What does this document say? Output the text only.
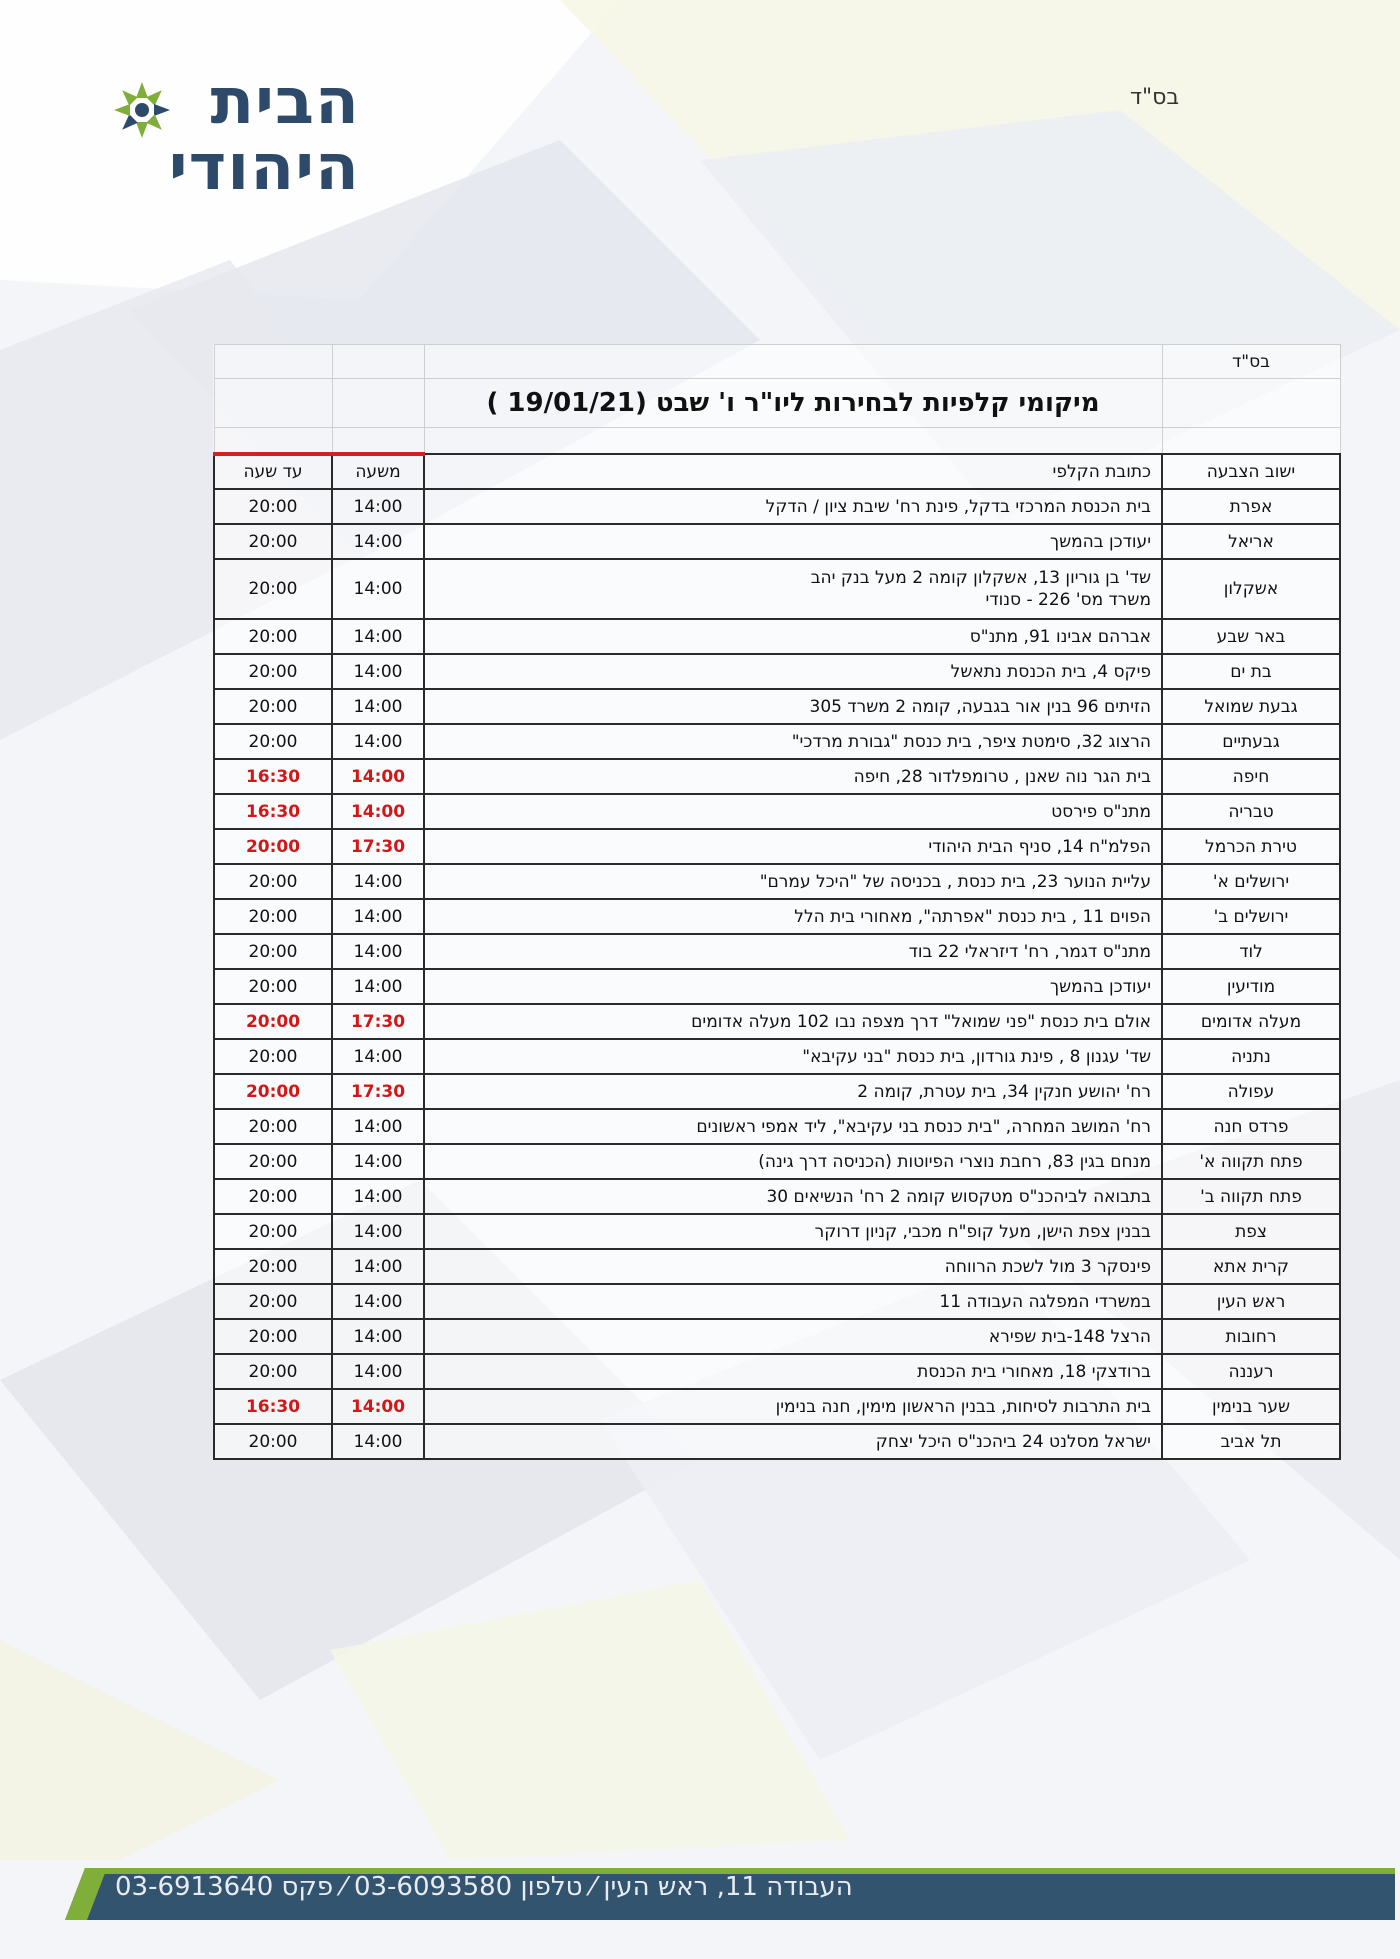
הבית
היהודי
בס"ד
בס"ד			
	מיקומי קלפיות לבחירות ליו"ר ו' שבט (19/01/21 )		

ישוב הצבעה	כתובת הקלפי	משעה	עד שעה
אפרת	בית הכנסת המרכזי בדקל, פינת רח' שיבת ציון / הדקל	14:00	20:00
אריאל	יעודכן בהמשך	14:00	20:00
אשקלון	שד' בן גוריון 13, אשקלון קומה 2 מעל בנק יהב
משרד מס' 226 - סנודי	14:00	20:00
באר שבע	אברהם אבינו 91, מתנ"ס	14:00	20:00
בת ים	פיקס 4, בית הכנסת נתאשל	14:00	20:00
גבעת שמואל	הזיתים 96 בנין אור בגבעה, קומה 2 משרד 305	14:00	20:00
גבעתיים	הרצוג 32, סימטת ציפר, בית כנסת "גבורת מרדכי"	14:00	20:00
חיפה	בית הגר נוה שאנן , טרומפלדור 28, חיפה	14:00	16:30
טבריה	מתנ"ס פירסט	14:00	16:30
טירת הכרמל	הפלמ"ח 14, סניף הבית היהודי	17:30	20:00
ירושלים א'	עליית הנוער 23, בית כנסת , בכניסה של "היכל עמרם"	14:00	20:00
ירושלים ב'	הפוים 11 , בית כנסת "אפרתה", מאחורי בית הלל	14:00	20:00
לוד	מתנ"ס דגמר, רח' דיזראלי 22 בוד	14:00	20:00
מודיעין	יעודכן בהמשך	14:00	20:00
מעלה אדומים	אולם בית כנסת "פני שמואל" דרך מצפה נבו 102 מעלה אדומים	17:30	20:00
נתניה	שד' עגנון 8 , פינת גורדון, בית כנסת "בני עקיבא"	14:00	20:00
עפולה	רח' יהושע חנקין 34, בית עטרת, קומה 2	17:30	20:00
פרדס חנה	רח' המושב המחרה, "בית כנסת בני עקיבא", ליד אמפי ראשונים	14:00	20:00
פתח תקווה א'	מנחם בגין 83, רחבת נוצרי הפיוטות (הכניסה דרך גינה)	14:00	20:00
פתח תקווה ב'	בתבואה לביהכנ"ס מטקסוש קומה 2 רח' הנשיאים 30	14:00	20:00
צפת	בבנין צפת הישן, מעל קופ"ח מכבי, קניון דרוקר	14:00	20:00
קרית אתא	פינסקר 3 מול לשכת הרווחה	14:00	20:00
ראש העין	במשרדי המפלגה העבודה 11	14:00	20:00
רחובות	הרצל 148-בית שפירא	14:00	20:00
רעננה	ברודצקי 18, מאחורי בית הכנסת	14:00	20:00
שער בנימין	בית התרבות לסיחות, בבנין הראשון מימין, חנה בנימין	14:00	16:30
תל אביב	ישראל מסלנט 24 ביהכנ"ס היכל יצחק	14:00	20:00
העבודה 11, ראש העין ⁄ טלפון 03-6093580 ⁄ פקס 03-6913640
